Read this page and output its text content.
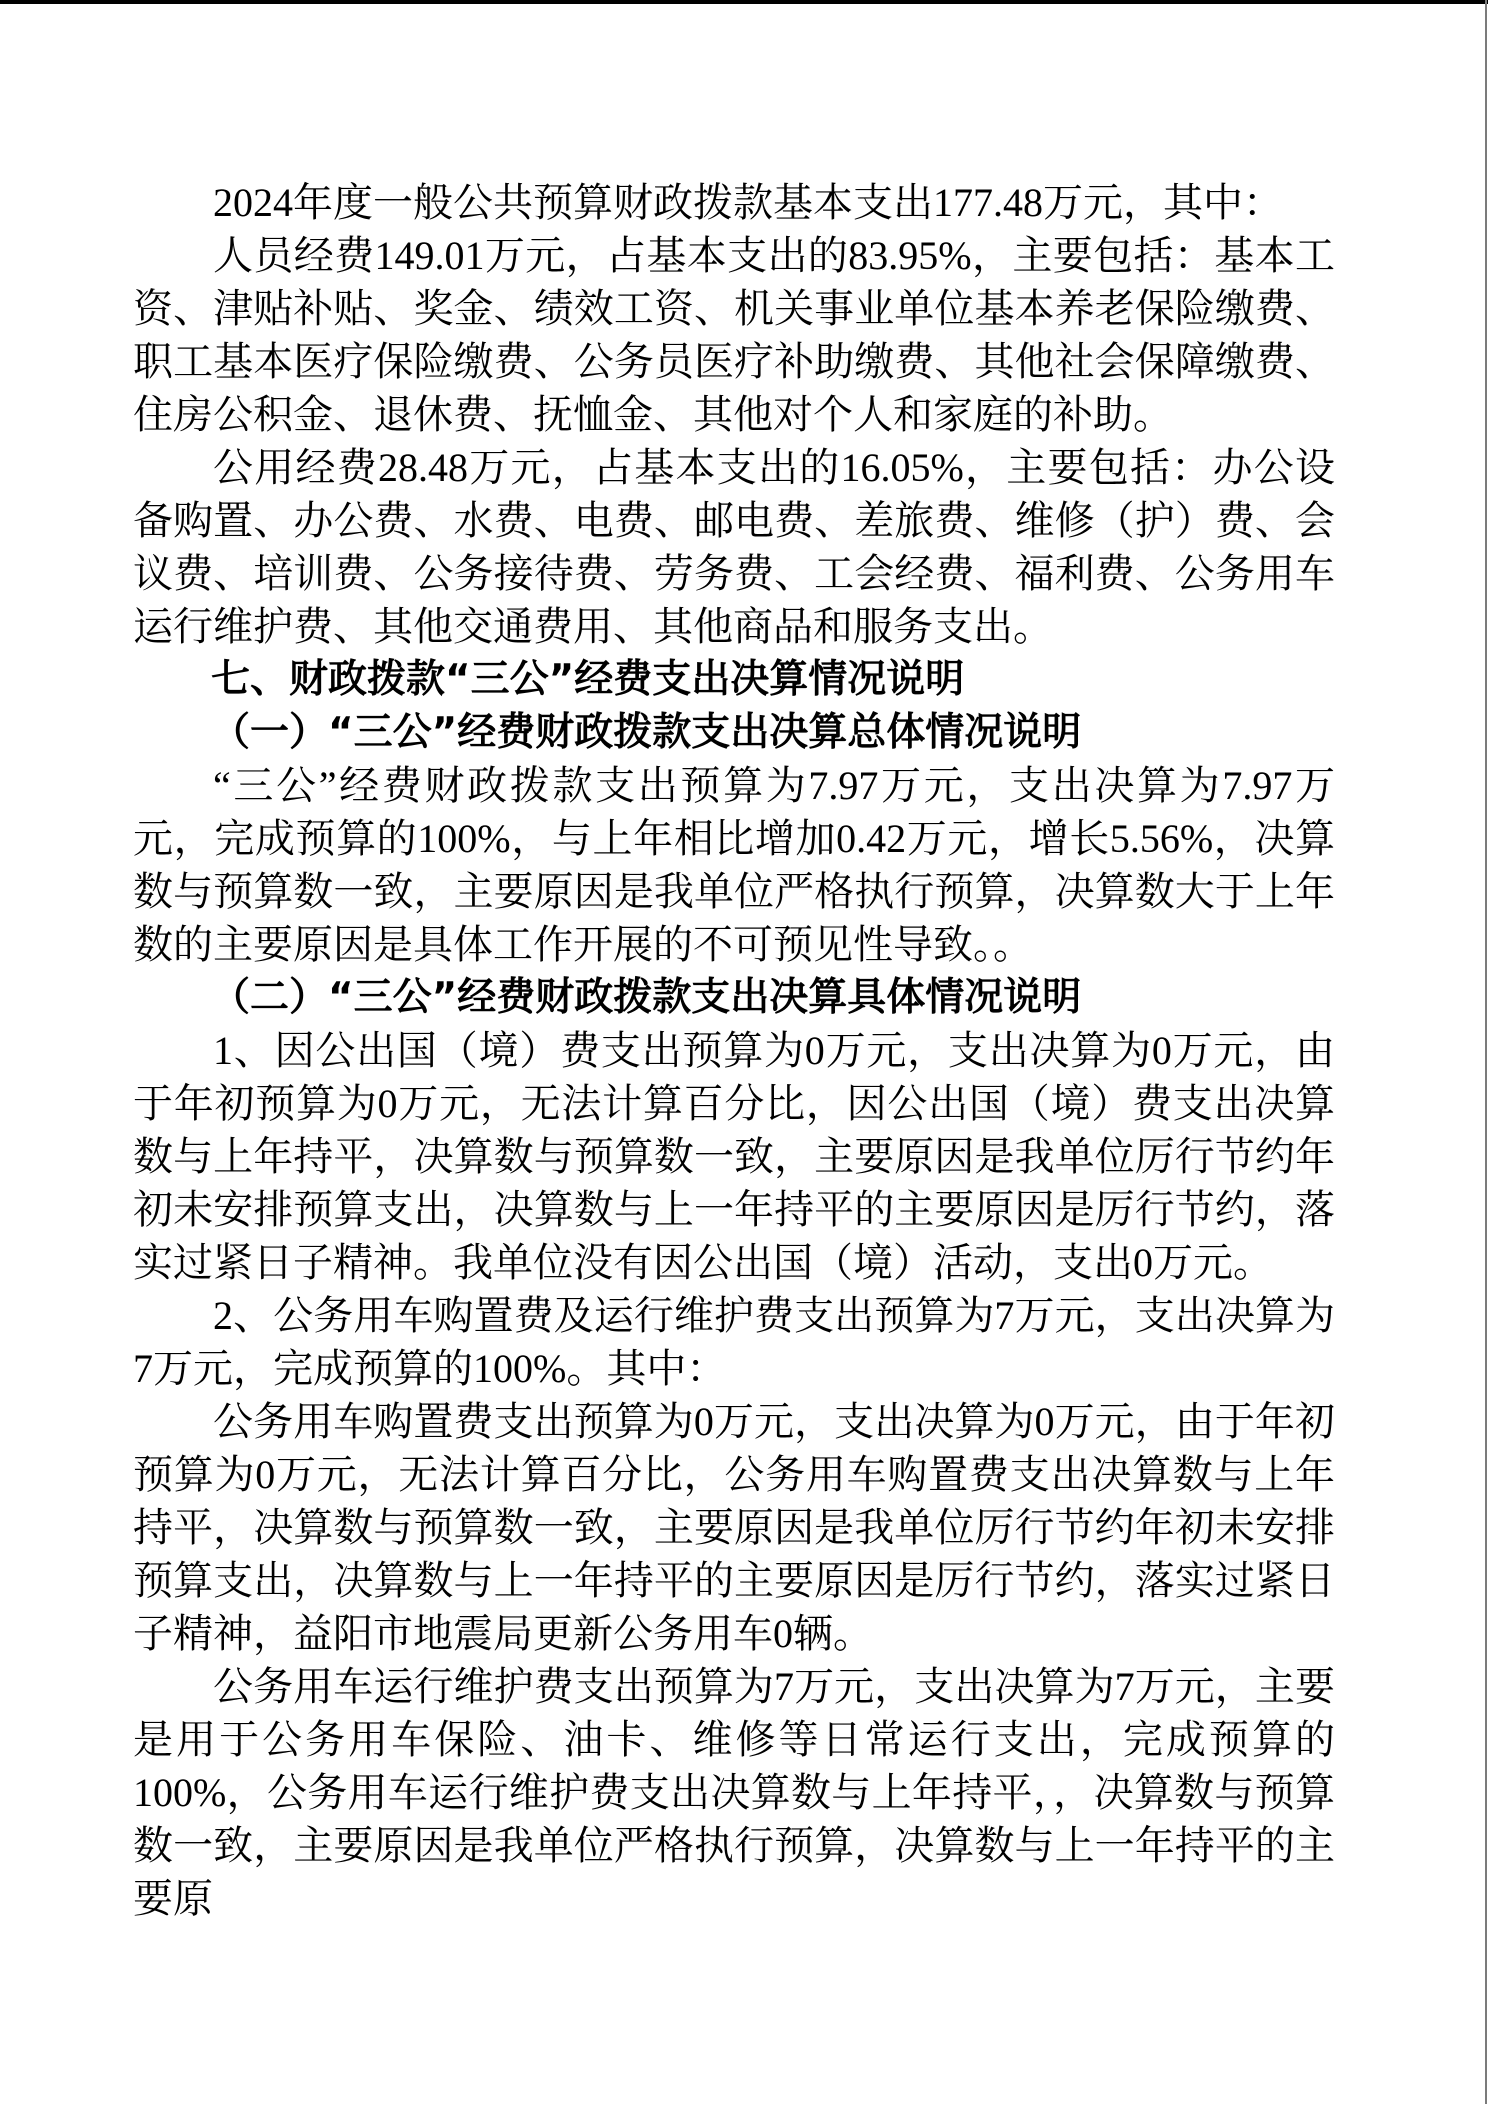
2024年度一般公共预算财政拨款基本支出177.48万元，其中：

人员经费149.01万元，占基本支出的83.95%，主要包括：基本工资、津贴补贴、奖金、绩效工资、机关事业单位基本养老保险缴费、职工基本医疗保险缴费、公务员医疗补助缴费、其他社会保障缴费、住房公积金、退休费、抚恤金、其他对个人和家庭的补助。

公用经费28.48万元，占基本支出的16.05%，主要包括：办公设备购置、办公费、水费、电费、邮电费、差旅费、维修（护）费、会议费、培训费、公务接待费、劳务费、工会经费、福利费、公务用车运行维护费、其他交通费用、其他商品和服务支出。

七、财政拨款“三公”经费支出决算情况说明

（一）“三公”经费财政拨款支出决算总体情况说明

“三公”经费财政拨款支出预算为7.97万元，支出决算为7.97万元，完成预算的100%，与上年相比增加0.42万元，增长5.56%，决算数与预算数一致，主要原因是我单位严格执行预算，决算数大于上年数的主要原因是具体工作开展的不可预见性导致。。

（二）“三公”经费财政拨款支出决算具体情况说明

1、因公出国（境）费支出预算为0万元，支出决算为0万元，由于年初预算为0万元，无法计算百分比，因公出国（境）费支出决算数与上年持平，决算数与预算数一致，主要原因是我单位厉行节约年初未安排预算支出，决算数与上一年持平的主要原因是厉行节约，落实过紧日子精神。我单位没有因公出国（境）活动，支出0万元。

2、公务用车购置费及运行维护费支出预算为7万元，支出决算为7万元，完成预算的100%。其中：

公务用车购置费支出预算为0万元，支出决算为0万元，由于年初预算为0万元，无法计算百分比，公务用车购置费支出决算数与上年持平，决算数与预算数一致，主要原因是我单位厉行节约年初未安排预算支出，决算数与上一年持平的主要原因是厉行节约，落实过紧日子精神，益阳市地震局更新公务用车0辆。

公务用车运行维护费支出预算为7万元，支出决算为7万元，主要是用于公务用车保险、油卡、维修等日常运行支出，完成预算的100%，公务用车运行维护费支出决算数与上年持平，，决算数与预算数一致，主要原因是我单位严格执行预算，决算数与上一年持平的主要原
